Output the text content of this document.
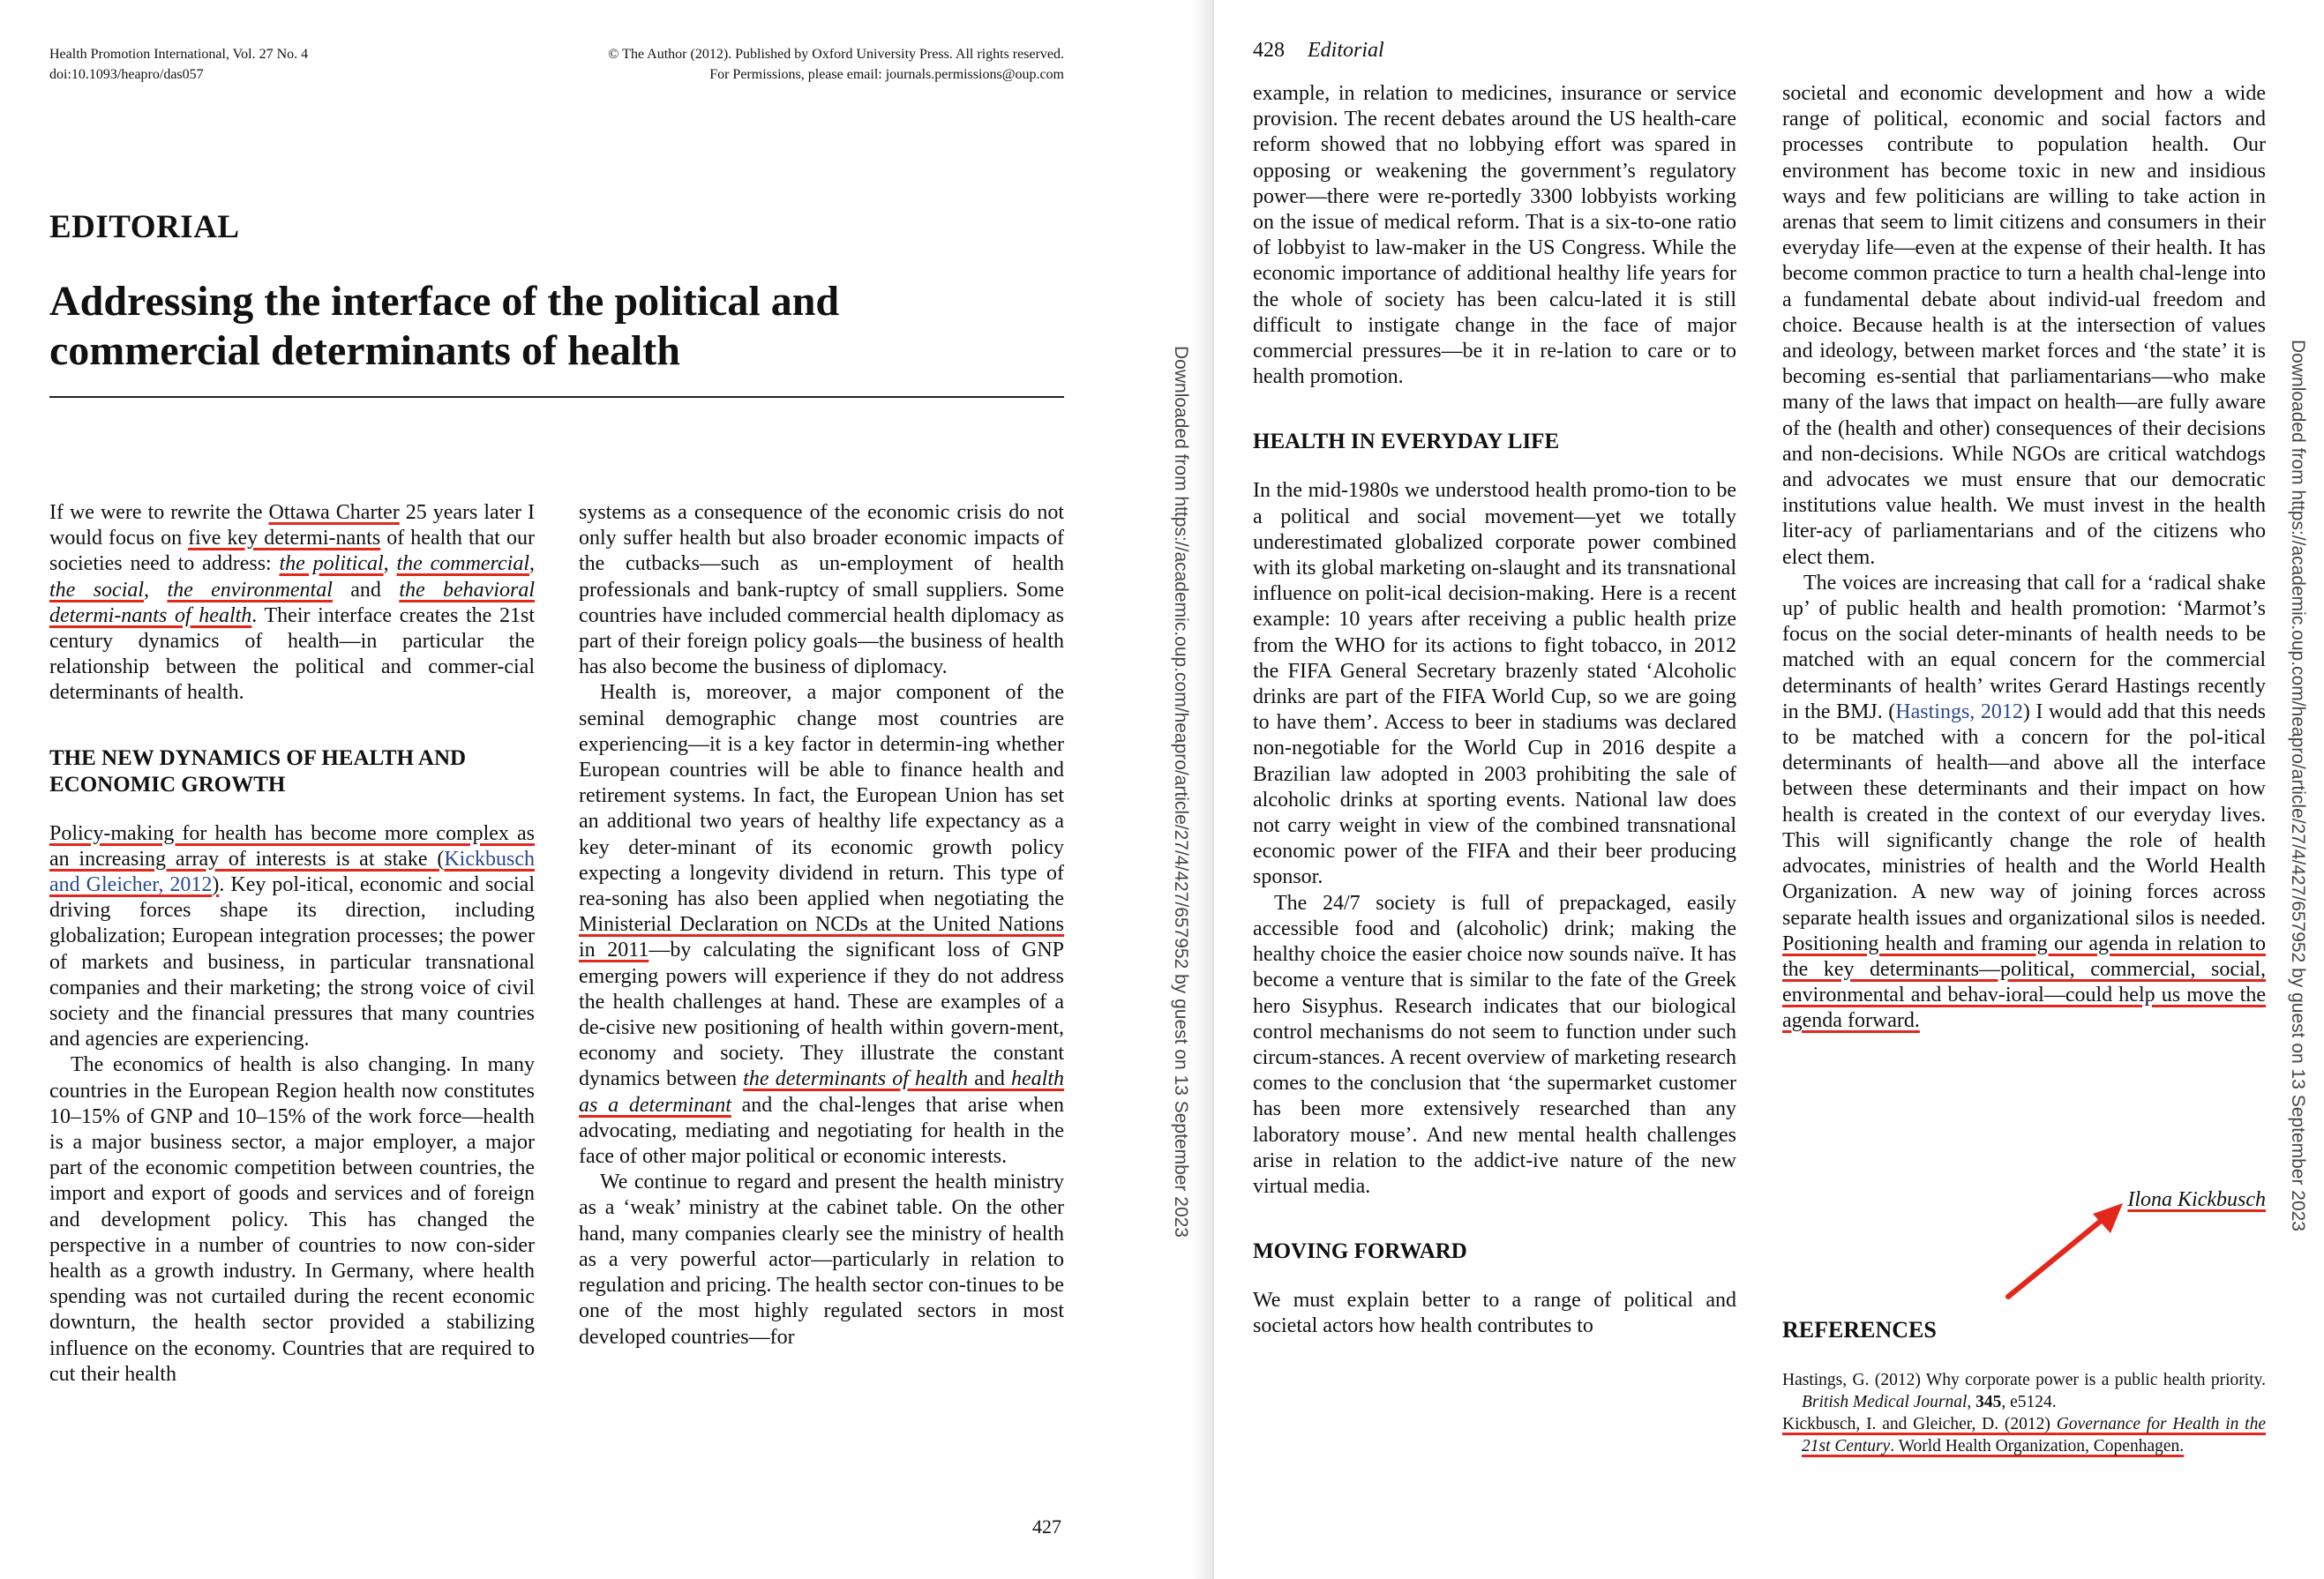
Health Promotion International, Vol. 27 No. 4
doi:10.1093/heapro/das057
© The Author (2012). Published by Oxford University Press. All rights reserved.
For Permissions, please email: journals.permissions@oup.com
EDITORIAL
Addressing the interface of the political and
commercial determinants of health

If we were to rewrite the Ottawa Charter 25 years later I would focus on five key determi-nants of health that our societies need to address: the political, the commercial, the social, the environmental and the behavioral determi-nants of health. Their interface creates the 21st century dynamics of health—in particular the relationship between the political and commer-cial determinants of health.

THE NEW DYNAMICS OF HEALTH AND ECONOMIC GROWTH

Policy-making for health has become more complex as an increasing array of interests is at stake (Kickbusch and Gleicher, 2012). Key pol-itical, economic and social driving forces shape its direction, including globalization; European integration processes; the power of markets and business, in particular transnational companies and their marketing; the strong voice of civil society and the financial pressures that many countries and agencies are experiencing.

The economics of health is also changing. In many countries in the European Region health now constitutes 10–15% of GNP and 10–15% of the work force—health is a major business sector, a major employer, a major part of the economic competition between countries, the import and export of goods and services and of foreign and development policy. This has changed the perspective in a number of countries to now con-sider health as a growth industry. In Germany, where health spending was not curtailed during the recent economic downturn, the health sector provided a stabilizing influence on the economy. Countries that are required to cut their health

systems as a consequence of the economic crisis do not only suffer health but also broader economic impacts of the cutbacks—such as un-employment of health professionals and bank-ruptcy of small suppliers. Some countries have included commercial health diplomacy as part of their foreign policy goals—the business of health has also become the business of diplomacy.

Health is, moreover, a major component of the seminal demographic change most countries are experiencing—it is a key factor in determin-ing whether European countries will be able to finance health and retirement systems. In fact, the European Union has set an additional two years of healthy life expectancy as a key deter-minant of its economic growth policy expecting a longevity dividend in return. This type of rea-soning has also been applied when negotiating the Ministerial Declaration on NCDs at the United Nations in 2011—by calculating the significant loss of GNP emerging powers will experience if they do not address the health challenges at hand. These are examples of a de-cisive new positioning of health within govern-ment, economy and society. They illustrate the constant dynamics between the determinants of health and health as a determinant and the chal-lenges that arise when advocating, mediating and negotiating for health in the face of other major political or economic interests.

We continue to regard and present the health ministry as a ‘weak’ ministry at the cabinet table. On the other hand, many companies clearly see the ministry of health as a very powerful actor—particularly in relation to regulation and pricing. The health sector con-tinues to be one of the most highly regulated sectors in most developed countries—for

427
Downloaded from https://academic.oup.com/heapro/article/27/4/427/657952 by guest on 13 September 2023
428 Editorial

example, in relation to medicines, insurance or service provision. The recent debates around the US health-care reform showed that no lobbying effort was spared in opposing or weakening the government’s regulatory power—there were re-portedly 3300 lobbyists working on the issue of medical reform. That is a six-to-one ratio of lobbyist to law-maker in the US Congress. While the economic importance of additional healthy life years for the whole of society has been calcu-lated it is still difficult to instigate change in the face of major commercial pressures—be it in re-lation to care or to health promotion.

HEALTH IN EVERYDAY LIFE

In the mid-1980s we understood health promo-tion to be a political and social movement—yet we totally underestimated globalized corporate power combined with its global marketing on-slaught and its transnational influence on polit-ical decision-making. Here is a recent example: 10 years after receiving a public health prize from the WHO for its actions to fight tobacco, in 2012 the FIFA General Secretary brazenly stated ‘Alcoholic drinks are part of the FIFA World Cup, so we are going to have them’. Access to beer in stadiums was declared non-negotiable for the World Cup in 2016 despite a Brazilian law adopted in 2003 prohibiting the sale of alcoholic drinks at sporting events. National law does not carry weight in view of the combined transnational economic power of the FIFA and their beer producing sponsor.

The 24/7 society is full of prepackaged, easily accessible food and (alcoholic) drink; making the healthy choice the easier choice now sounds naïve. It has become a venture that is similar to the fate of the Greek hero Sisyphus. Research indicates that our biological control mechanisms do not seem to function under such circum-stances. A recent overview of marketing research comes to the conclusion that ‘the supermarket customer has been more extensively researched than any laboratory mouse’. And new mental health challenges arise in relation to the addict-ive nature of the new virtual media.

MOVING FORWARD

We must explain better to a range of political and societal actors how health contributes to

societal and economic development and how a wide range of political, economic and social factors and processes contribute to population health. Our environment has become toxic in new and insidious ways and few politicians are willing to take action in arenas that seem to limit citizens and consumers in their everyday life—even at the expense of their health. It has become common practice to turn a health chal-lenge into a fundamental debate about individ-ual freedom and choice. Because health is at the intersection of values and ideology, between market forces and ‘the state’ it is becoming es-sential that parliamentarians—who make many of the laws that impact on health—are fully aware of the (health and other) consequences of their decisions and non-decisions. While NGOs are critical watchdogs and advocates we must ensure that our democratic institutions value health. We must invest in the health liter-acy of parliamentarians and of the citizens who elect them.

The voices are increasing that call for a ‘radical shake up’ of public health and health promotion: ‘Marmot’s focus on the social deter-minants of health needs to be matched with an equal concern for the commercial determinants of health’ writes Gerard Hastings recently in the BMJ. (Hastings, 2012) I would add that this needs to be matched with a concern for the pol-itical determinants of health—and above all the interface between these determinants and their impact on how health is created in the context of our everyday lives. This will significantly change the role of health advocates, ministries of health and the World Health Organization. A new way of joining forces across separate health issues and organizational silos is needed. Positioning health and framing our agenda in relation to the key determinants—political, commercial, social, environmental and behav-ioral—could help us move the agenda forward.

Ilona Kickbusch
REFERENCES

Hastings, G. (2012) Why corporate power is a public health priority. British Medical Journal, 345, e5124.

Kickbusch, I. and Gleicher, D. (2012) Governance for Health in the 21st Century. World Health Organization, Copenhagen.

Downloaded from https://academic.oup.com/heapro/article/27/4/427/657952 by guest on 13 September 2023
